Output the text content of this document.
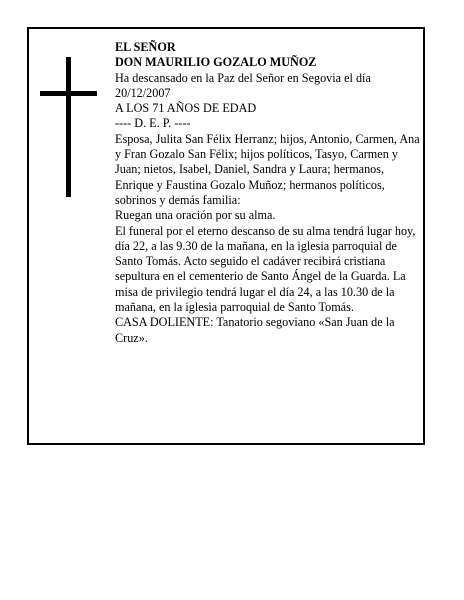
EL SEÑOR

DON MAURILIO GOZALO MUÑOZ

Ha descansado en la Paz del Señor en Segovia el día 20/12/2007

A LOS 71 AÑOS DE EDAD

---- D. E. P. ----

Esposa, Julita San Félix Herranz; hijos, Antonio, Carmen, Ana y Fran Gozalo San Félix; hijos políticos, Tasyo, Carmen y Juan; nietos, Isabel, Daniel, Sandra y Laura; hermanos, Enrique y Faustina Gozalo Muñoz; hermanos políticos, sobrinos y demás familia:

Ruegan una oración por su alma.

El funeral por el eterno descanso de su alma tendrá lugar hoy, día 22, a las 9.30 de la mañana, en la iglesia parroquial de Santo Tomás. Acto seguido el cadáver recibirá cristiana sepultura en el cementerio de Santo Ángel de la Guarda. La misa de privilegio tendrá lugar el día 24, a las 10.30 de la mañana, en la iglesia parroquial de Santo Tomás.

CASA DOLIENTE: Tanatorio segoviano «San Juan de la Cruz».
